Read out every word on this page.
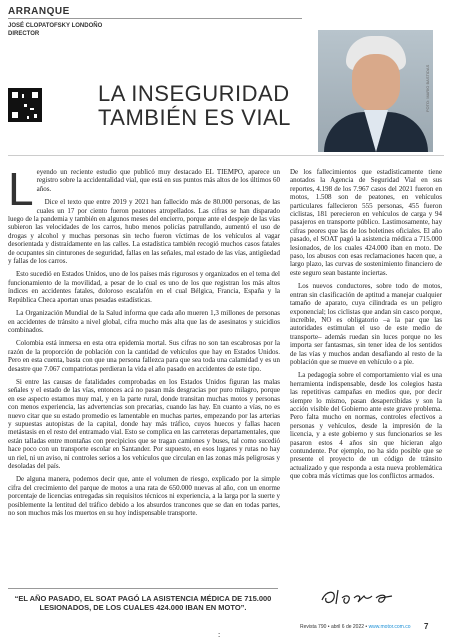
ARRANQUE
JOSÉ CLOPATOFSKY LONDOÑO
DIRECTOR
LA INSEGURIDAD TAMBIÉN ES VIAL
FOTO: MARIO BASTIDAS

Leyendo un reciente estudio que publicó muy destacado EL TIEMPO, aparece un registro sobre la accidentalidad vial, que está en sus puntos más altos de los últimos 60 años.

Dice el texto que entre 2019 y 2021 han fallecido más de 80.000 personas, de las cuales un 17 por ciento fueron peatones atropellados. Las cifras se han disparado luego de la pandemia y también en algunos meses del encierro, porque ante el despeje de las vías subieron las velocidades de los carros, hubo menos policías patrullando, aumentó el uso de drogas y alcohol y muchas personas sin techo fueron víctimas de los vehículos al vagar desorientada y distraídamente en las calles. La estadística también recogió muchos casos fatales de ocupantes sin cinturones de seguridad, fallas en las señales, mal estado de las vías, antigüedad y fallas de los carros.

Esto sucedió en Estados Unidos, uno de los países más rigurosos y organizados en el tema del funcionamiento de la movilidad, a pesar de lo cual es uno de los que registran los más altos índices en accidentes fatales, doloroso escalafón en el cual Bélgica, Francia, España y la República Checa aportan unas pesadas estadísticas.

La Organización Mundial de la Salud informa que cada año mueren 1,3 millones de personas en accidentes de tránsito a nivel global, cifra mucho más alta que las de asesinatos y suicidios combinados.

Colombia está inmersa en esta otra epidemia mortal. Sus cifras no son tan escabrosas por la razón de la proporción de población con la cantidad de vehículos que hay en Estados Unidos. Pero en esta cuenta, basta con que una persona fallezca para que sea toda una calamidad y es un desastre que 7.067 compatriotas perdieran la vida el año pasado en accidentes de este tipo.

Si entre las causas de fatalidades comprobadas en los Estados Unidos figuran las malas señales y el estado de las vías, entonces acá no pasan más desgracias por puro milagro, porque en ese aspecto estamos muy mal, y en la parte rural, donde transitan muchas motos y personas con menos experiencia, las advertencias son precarias, cuando las hay. En cuanto a vías, no es nuevo citar que su estado promedio es lamentable en muchas partes, empezando por las arterias y supuestas autopistas de la capital, donde hay más tráfico, cuyos huecos y fallas hacen metástasis en el resto del entramado vial. Esto se complica en las carreteras departamentales, que están talladas entre montañas con precipicios que se tragan camiones y buses, tal como sucedió hace poco con un transporte escolar en Santander. Por supuesto, en esos lugares y rutas no hay un riel, ni un aviso, ni controles serios a los vehículos que circulan en las zonas más peligrosas y desoladas del país.

De alguna manera, podemos decir que, ante el volumen de riesgo, explicado por la simple cifra del crecimiento del parque de motos a una rata de 650.000 nuevas al año, con un enorme porcentaje de licencias entregadas sin requisitos técnicos ni experiencia, a la larga por la suerte y posiblemente la lentitud del tráfico debido a los absurdos trancones que se dan en todas partes, no son muchos más los muertos en su hoy indispensable transporte.

De los fallecimientos que estadísticamente tiene anotados la Agencia de Seguridad Vial en sus reportes, 4.198 de los 7.967 casos del 2021 fueron en motos, 1.508 son de peatones, en vehículos particulares fallecieron 555 personas, 455 fueron ciclistas, 181 perecieron en vehículos de carga y 94 pasajeros en transporte público. Lastimosamente, hay cifras peores que las de los boletines oficiales. El año pasado, el SOAT pagó la asistencia médica a 715.000 lesionados, de los cuales 424.000 iban en moto. De paso, los abusos con esas reclamaciones hacen que, a largo plazo, las curvas de sostenimiento financiero de este seguro sean bastante inciertas.

Los nuevos conductores, sobre todo de motos, entran sin clasificación de aptitud a manejar cualquier tamaño de aparato, cuya cilindrada es un peligro exponencial; los ciclistas que andan sin casco porque, increíble, NO es obligatorio –a la par que las autoridades estimulan el uso de este medio de transporte– además ruedan sin luces porque no les importa ser fantasmas, sin tener idea de los sentidos de las vías y muchos andan desafiando al resto de la población que se mueve en vehículo o a pie.

La pedagogía sobre el comportamiento vial es una herramienta indispensable, desde los colegios hasta las repetitivas campañas en medios que, por decir siempre lo mismo, pasan desapercibidas y son la acción visible del Gobierno ante este grave problema. Pero falta mucho en normas, controles efectivos a personas y vehículos, desde la impresión de la licencia, y a este gobierno y sus funcionarios se les pasaron estos 4 años sin que hicieran algo contundente. Por ejemplo, no ha sido posible que se presente el proyecto de un código de tránsito actualizado y que responda a esta nueva problemática que cobra más víctimas que los conflictos armados.

“EL AÑO PASADO, EL SOAT PAGÓ LA ASISTENCIA MÉDICA DE 715.000 LESIONADOS, DE LOS CUALES 424.000 IBAN EN MOTO”.
Revista 790 • abril 6 de 2022 • www.motor.com.co 7
:
